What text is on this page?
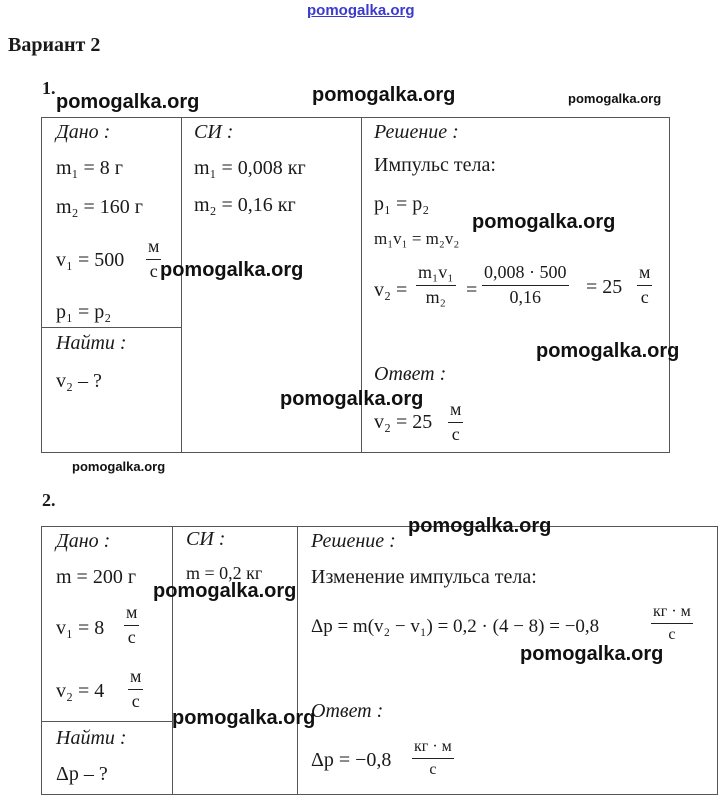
pomogalka.org
Вариант 2
1.
Дано :
m₁ = 8 г
m₂ = 160 г
v₁ = 500
м
с
p₁ = p₂
Найти :
v₂ – ?
СИ :
m₁ = 0,008 кг
m₂ = 0,16 кг
Решение :
Импульс тела:
p₁ = p₂
m₁v₁ = m₂v₂
v₂ =
m₁v₁
m₂ =
0,008 · 500
0,16 = 25
м
с
Ответ :
v₂ = 25
м
с
pomogalka.org	pomogalka.org	pomogalka.org
pomogalka.org
pomogalka.org
pomogalka.org
pomogalka.org
pomogalka.org
2.
Дано :
m = 200 г
v₁ = 8
м
с
v₂ = 4
м
с
Найти :
Δp – ?
СИ :
m = 0,2 кг
Решение :
Изменение импульса тела:
Δp = m(v₂ − v₁) = 0,2 · (4 − 8) = −0,8
кг · м
с
Ответ :
Δp = −0,8
кг · м
с
pomogalka.org
pomogalka.org
pomogalka.org
pomogalka.org
